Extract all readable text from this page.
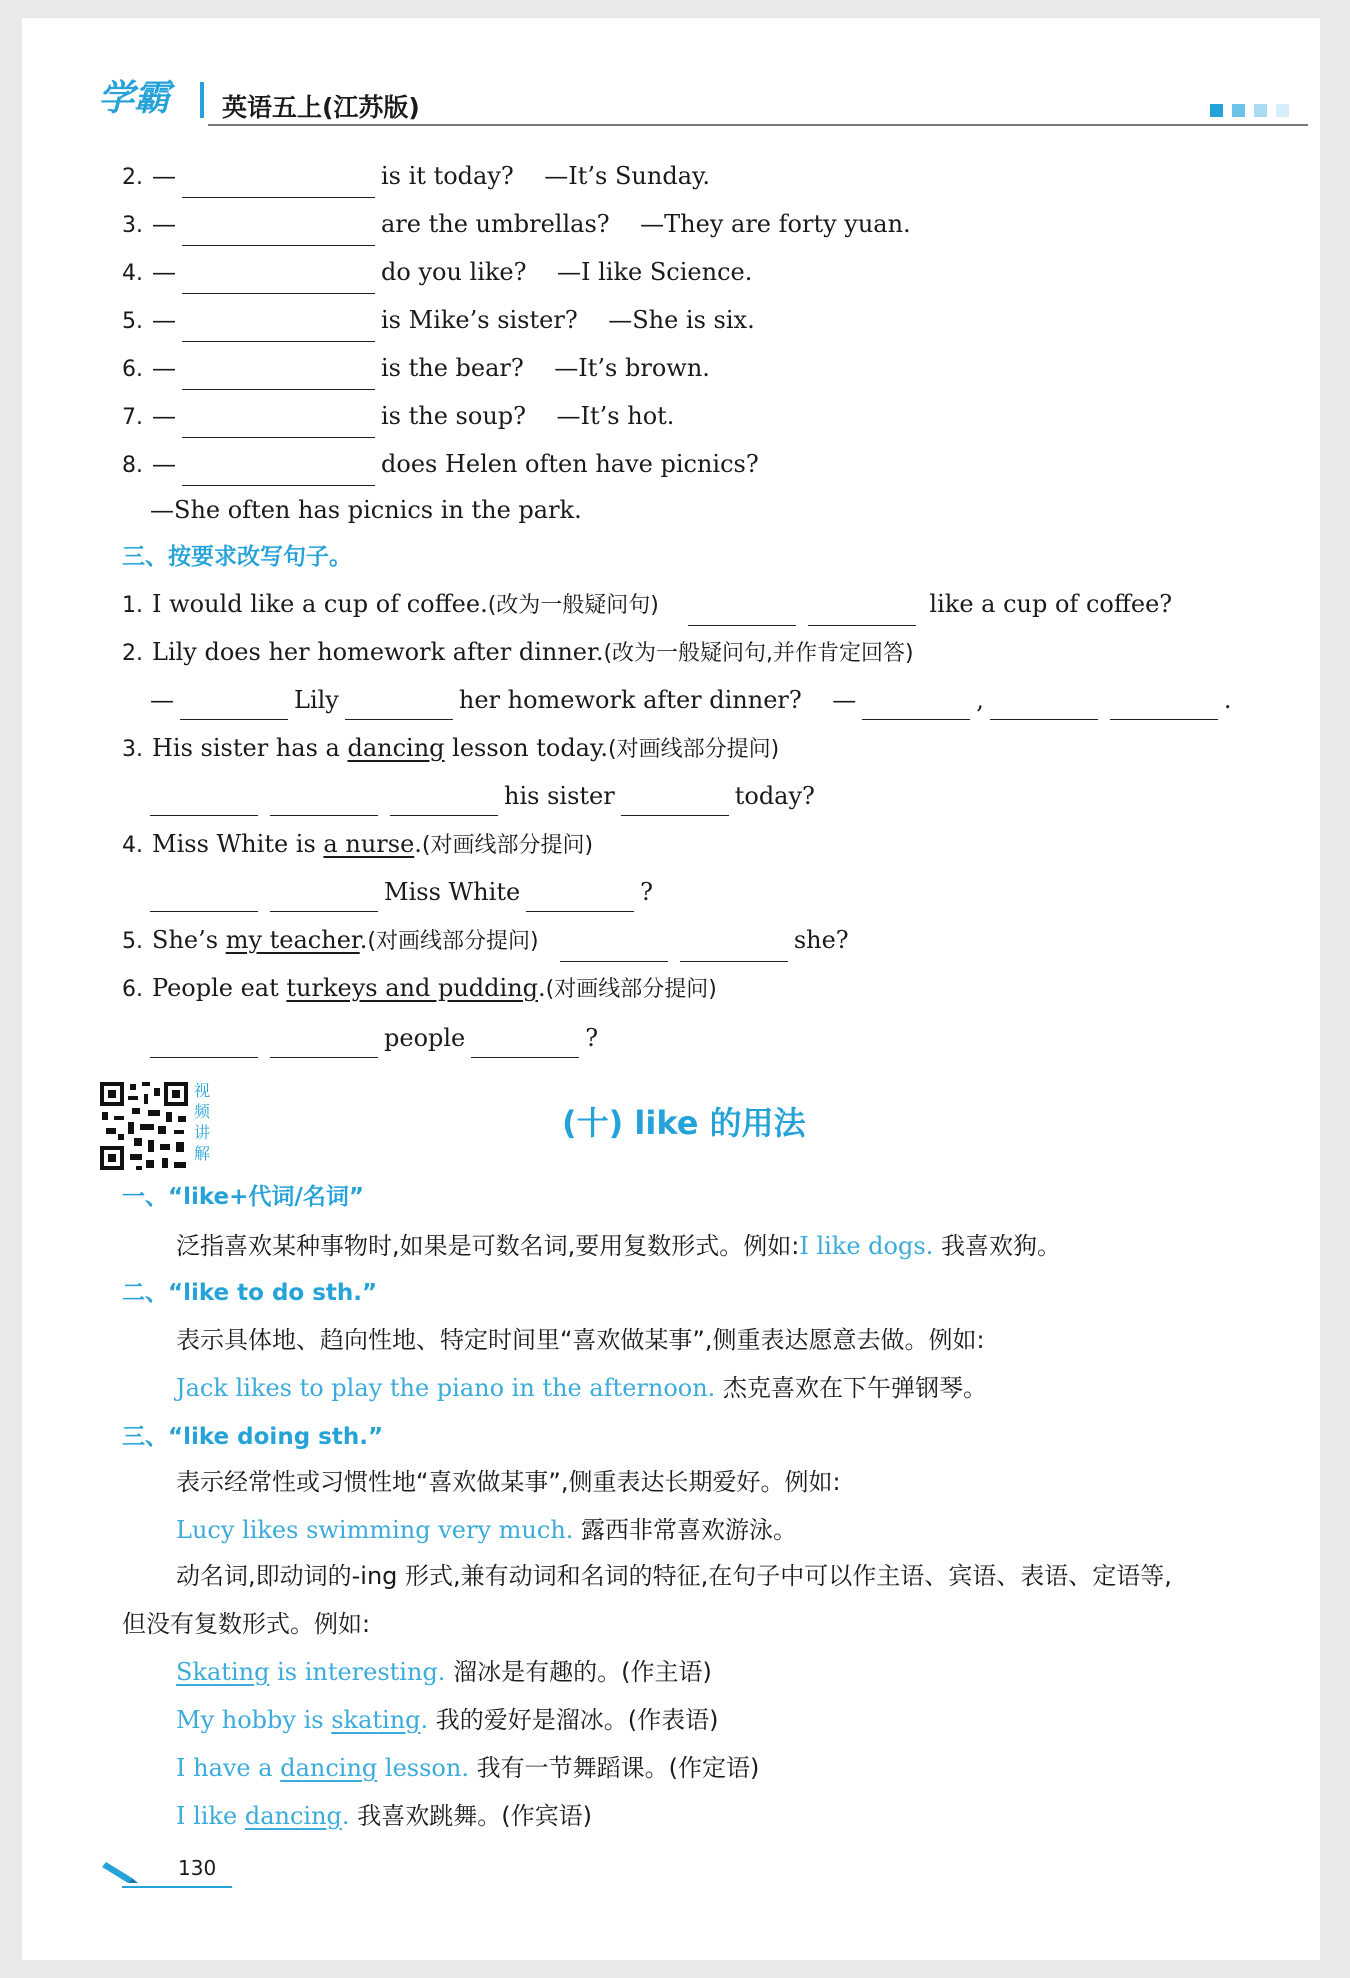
学霸 英语五上(江苏版)

2. —	is it today? —It’s Sunday.
3. —	are the umbrellas? —They are forty yuan.
4. —	do you like? —I like Science.
5. —	is Mike’s sister? —She is six.
6. —	is the bear? —It’s brown.
7. —	is the soup? —It’s hot.
8. —	does Helen often have picnics?
—She often has picnics in the park.
三、按要求改写句子。
1. I would like a cup of coffee.(改为一般疑问句)	like a cup of coffee?
2. Lily does her homework after dinner.(改为一般疑问句,并作肯定回答)
—	Lily	her homework after dinner? —	,	.
3. His sister has a dancing lesson today.(对画线部分提问)
his sister	today?
4. Miss White is a nurse.(对画线部分提问)
Miss White	?
5. She’s my teacher.(对画线部分提问)	she?
6. People eat turkeys and pudding.(对画线部分提问)
people	?
视
频
讲
解
(十) like 的用法
一、“like+代词/名词”
泛指喜欢某种事物时,如果是可数名词,要用复数形式。例如:I like dogs. 我喜欢狗。
二、“like to do sth.”
表示具体地、趋向性地、特定时间里“喜欢做某事”,侧重表达愿意去做。例如:
Jack likes to play the piano in the afternoon. 杰克喜欢在下午弹钢琴。
三、“like doing sth.”
表示经常性或习惯性地“喜欢做某事”,侧重表达长期爱好。例如:
Lucy likes swimming very much. 露西非常喜欢游泳。
动名词,即动词的-ing 形式,兼有动词和名词的特征,在句子中可以作主语、宾语、表语、定语等,
但没有复数形式。例如:
Skating is interesting. 溜冰是有趣的。(作主语)
My hobby is skating. 我的爱好是溜冰。(作表语)
I have a dancing lesson. 我有一节舞蹈课。(作定语)
I like dancing. 我喜欢跳舞。(作宾语)
130
